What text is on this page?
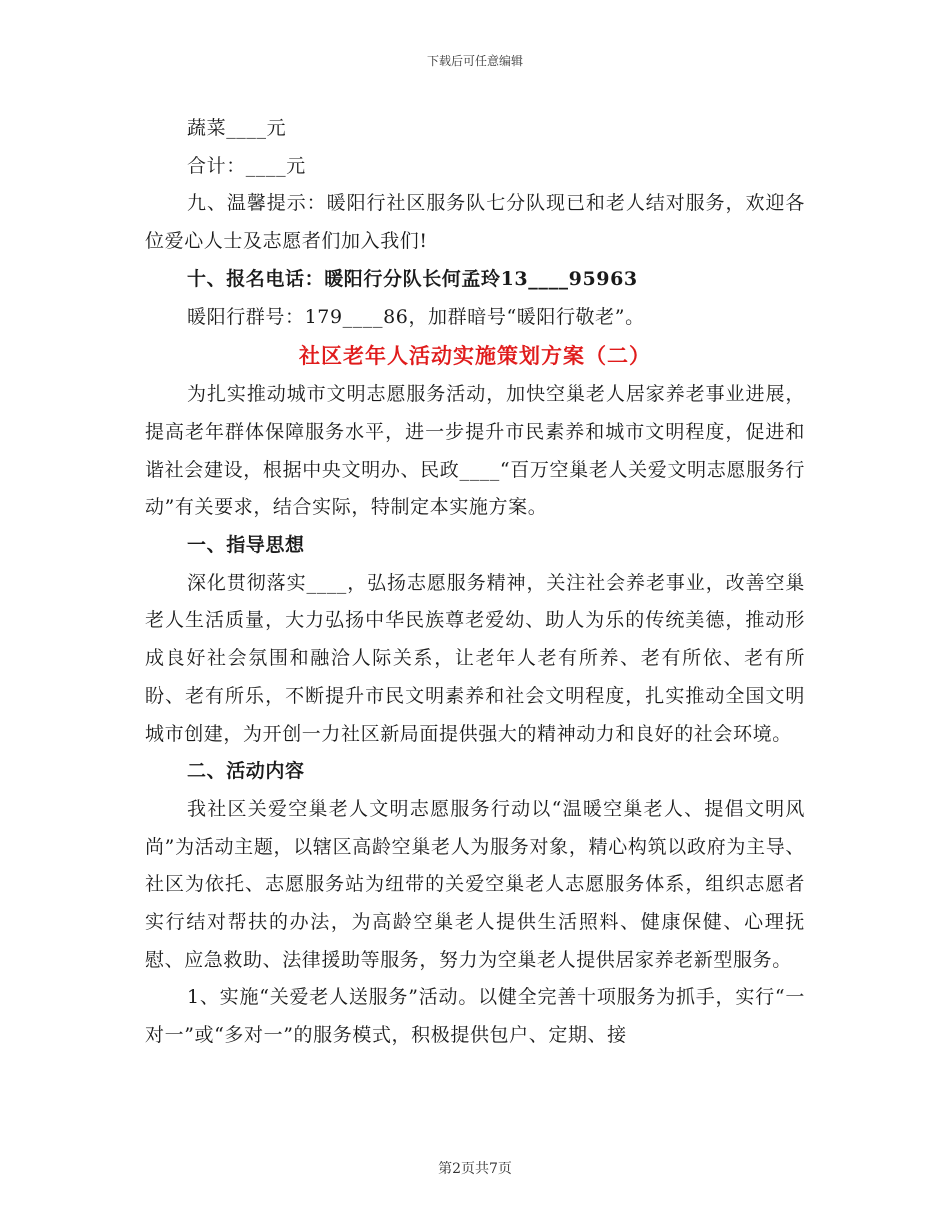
下载后可任意编辑

蔬菜____元

合计：____元

九、温馨提示：暖阳行社区服务队七分队现已和老人结对服务，欢迎各位爱心人士及志愿者们加入我们!

十、报名电话：暖阳行分队长何孟玲13____95963

暖阳行群号：179____86，加群暗号“暖阳行敬老”。

社区老年人活动实施策划方案（二）

为扎实推动城市文明志愿服务活动，加快空巢老人居家养老事业进展，提高老年群体保障服务水平，进一步提升市民素养和城市文明程度，促进和谐社会建设，根据中央文明办、民政____“百万空巢老人关爱文明志愿服务行动”有关要求，结合实际，特制定本实施方案。

一、指导思想

深化贯彻落实____，弘扬志愿服务精神，关注社会养老事业，改善空巢老人生活质量，大力弘扬中华民族尊老爱幼、助人为乐的传统美德，推动形成良好社会氛围和融洽人际关系，让老年人老有所养、老有所依、老有所盼、老有所乐，不断提升市民文明素养和社会文明程度，扎实推动全国文明城市创建，为开创一力社区新局面提供强大的精神动力和良好的社会环境。

二、活动内容

我社区关爱空巢老人文明志愿服务行动以“温暖空巢老人、提倡文明风尚”为活动主题，以辖区高龄空巢老人为服务对象，精心构筑以政府为主导、社区为依托、志愿服务站为纽带的关爱空巢老人志愿服务体系，组织志愿者实行结对帮扶的办法，为高龄空巢老人提供生活照料、健康保健、心理抚慰、应急救助、法律援助等服务，努力为空巢老人提供居家养老新型服务。

1、实施“关爱老人送服务”活动。以健全完善十项服务为抓手，实行“一对一”或“多对一”的服务模式，积极提供包户、定期、接

第2页共7页
